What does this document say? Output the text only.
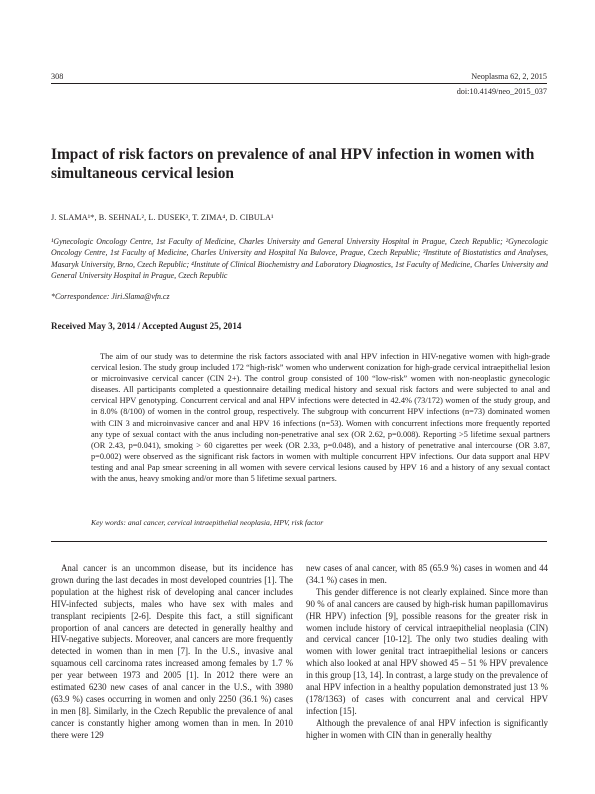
308	Neoplasma 62, 2, 2015
doi:10.4149/neo_2015_037
Impact of risk factors on prevalence of anal HPV infection in women with simultaneous cervical lesion
J. SLAMA¹*, B. SEHNAL², L. DUSEK³, T. ZIMA⁴, D. CIBULA¹
¹Gynecologic Oncology Centre, 1st Faculty of Medicine, Charles University and General University Hospital in Prague, Czech Republic; ²Gynecologic Oncology Centre, 1st Faculty of Medicine, Charles University and Hospital Na Bulovce, Prague, Czech Republic; ³Institute of Biostatistics and Analyses, Masaryk University, Brno, Czech Republic; ⁴Institute of Clinical Biochemistry and Laboratory Diagnostics, 1st Faculty of Medicine, Charles University and General University Hospital in Prague, Czech Republic
*Correspondence: Jiri.Slama@vfn.cz
Received May 3, 2014 / Accepted August 25, 2014

The aim of our study was to determine the risk factors associated with anal HPV infection in HIV-negative women with high-grade cervical lesion. The study group included 172 “high-risk” women who underwent conization for high-grade cervical intraepithelial lesion or microinvasive cervical cancer (CIN 2+). The control group consisted of 100 “low-risk” women with non-neoplastic gynecologic diseases. All participants completed a questionnaire detailing medical history and sexual risk factors and were subjected to anal and cervical HPV genotyping. Concurrent cervical and anal HPV infections were detected in 42.4% (73/172) women of the study group, and in 8.0% (8/100) of women in the control group, respectively. The subgroup with concurrent HPV infections (n=73) dominated women with CIN 3 and microinvasive cancer and anal HPV 16 infections (n=53). Women with concurrent infections more frequently reported any type of sexual contact with the anus including non-penetrative anal sex (OR 2.62, p=0.008). Reporting >5 lifetime sexual partners (OR 2.43, p=0.041), smoking > 60 cigarettes per week (OR 2.33, p=0.048), and a history of penetrative anal intercourse (OR 3.87, p=0.002) were observed as the significant risk factors in women with multiple concurrent HPV infections. Our data support anal HPV testing and anal Pap smear screening in all women with severe cervical lesions caused by HPV 16 and a history of any sexual contact with the anus, heavy smoking and/or more than 5 lifetime sexual partners.

Key words: anal cancer, cervical intraepithelial neoplasia, HPV, risk factor

Anal cancer is an uncommon disease, but its incidence has grown during the last decades in most developed countries [1]. The population at the highest risk of developing anal cancer includes HIV-infected subjects, males who have sex with males and transplant recipients [2-6]. Despite this fact, a still significant proportion of anal cancers are detected in generally healthy and HIV-negative subjects. Moreover, anal cancers are more frequently detected in women than in men [7]. In the U.S., invasive anal squamous cell carcinoma rates increased among females by 1.7 % per year between 1973 and 2005 [1]. In 2012 there were an estimated 6230 new cases of anal cancer in the U.S., with 3980 (63.9 %) cases occurring in women and only 2250 (36.1 %) cases in men [8]. Similarly, in the Czech Republic the prevalence of anal cancer is constantly higher among women than in men. In 2010 there were 129

new cases of anal cancer, with 85 (65.9 %) cases in women and 44 (34.1 %) cases in men.

This gender difference is not clearly explained. Since more than 90 % of anal cancers are caused by high-risk human papillomavirus (HR HPV) infection [9], possible reasons for the greater risk in women include history of cervical intraepithelial neoplasia (CIN) and cervical cancer [10-12]. The only two studies dealing with women with lower genital tract intraepithelial lesions or cancers which also looked at anal HPV showed 45 – 51 % HPV prevalence in this group [13, 14]. In contrast, a large study on the prevalence of anal HPV infection in a healthy population demonstrated just 13 % (178/1363) of cases with concurrent anal and cervical HPV infection [15].

Although the prevalence of anal HPV infection is significantly higher in women with CIN than in generally healthy
